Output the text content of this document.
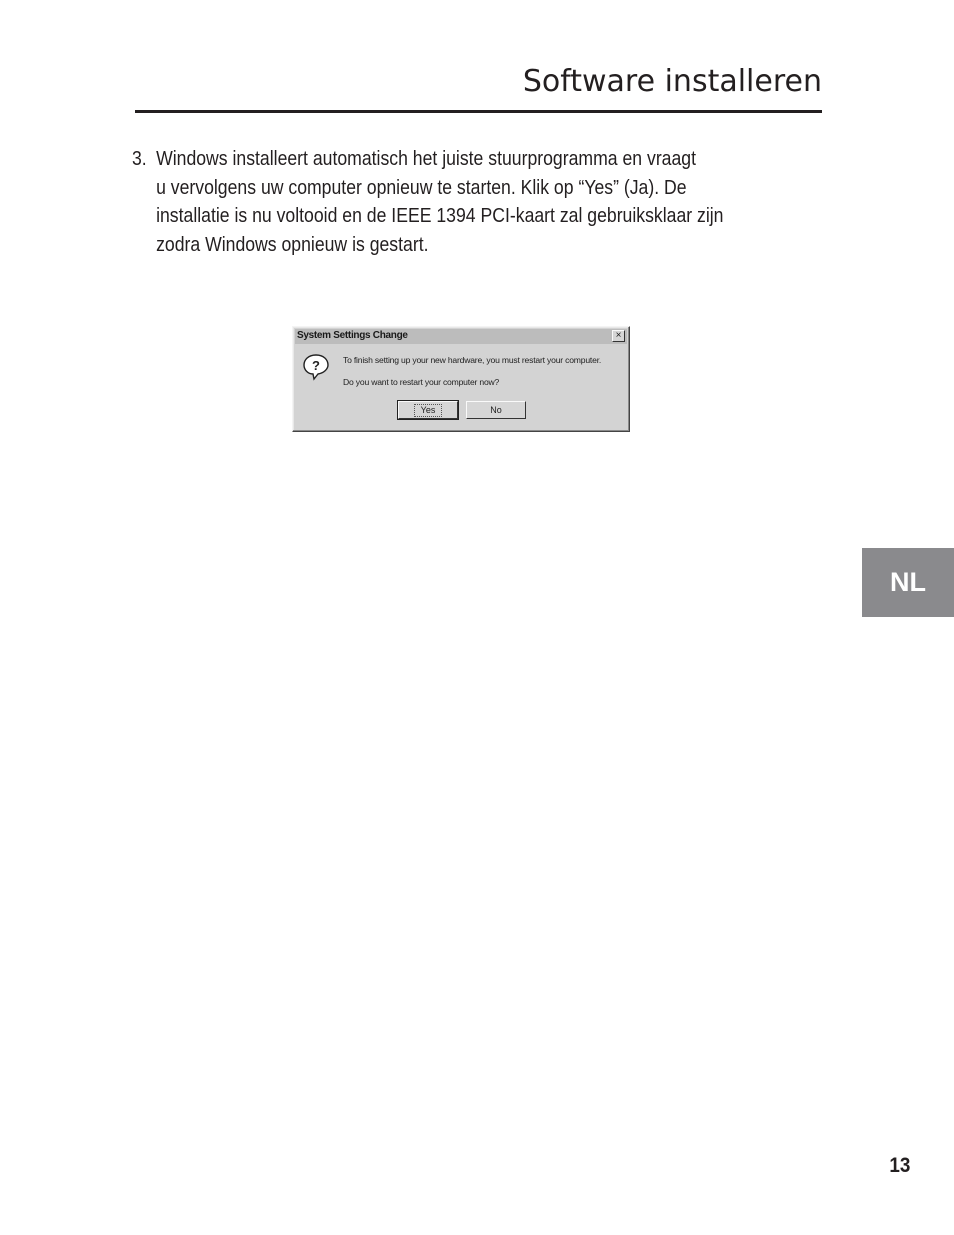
Software installeren
3. Windows installeert automatisch het juiste stuurprogramma en vraagt
u vervolgens uw computer opnieuw te starten. Klik op “Yes” (Ja). De
installatie is nu voltooid en de IEEE 1394 PCI-kaart zal gebruiksklaar zijn
zodra Windows opnieuw is gestart.
System Settings Change	×
?	To finish setting up your new hardware, you must restart your computer.
Do you want to restart your computer now?
Yes	No
NL
13
